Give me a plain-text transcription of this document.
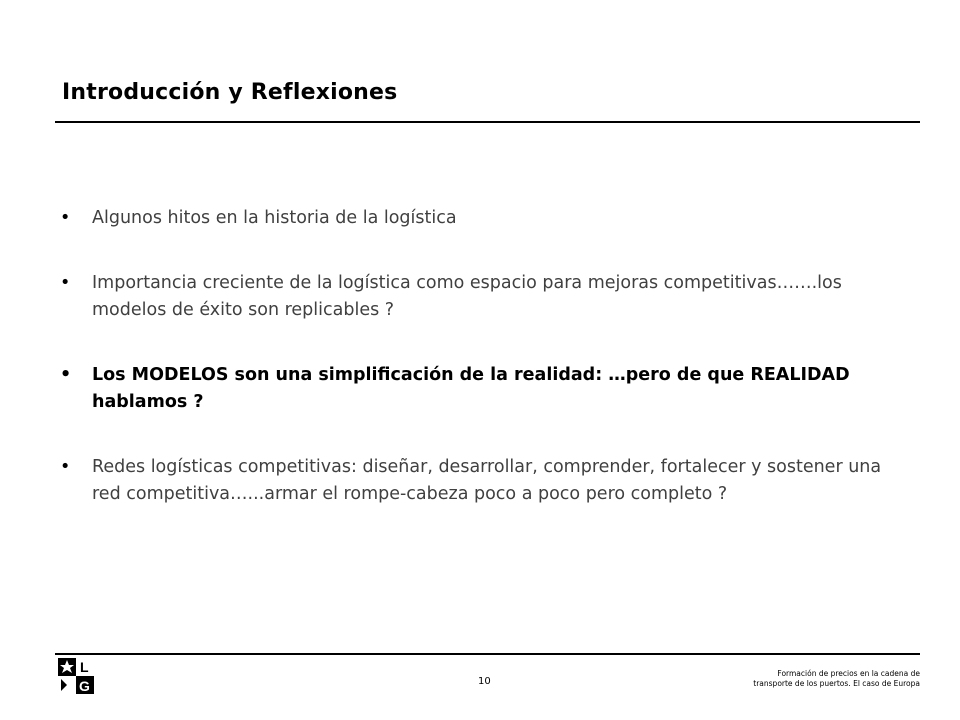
Introducción y Reflexiones
• Algunos hitos en la historia de la logística
• Importancia creciente de la logística como espacio para mejoras competitivas…….los modelos de éxito son replicables ?
• Los MODELOS son una simplificación de la realidad: …pero de que REALIDAD hablamos ?
• Redes logísticas competitivas: diseñar, desarrollar, comprender, fortalecer y sostener una red competitiva…...armar el rompe-cabeza poco a poco pero completo ?
L
G	10
Formación de precios en la cadena de
transporte de los puertos. El caso de Europa
